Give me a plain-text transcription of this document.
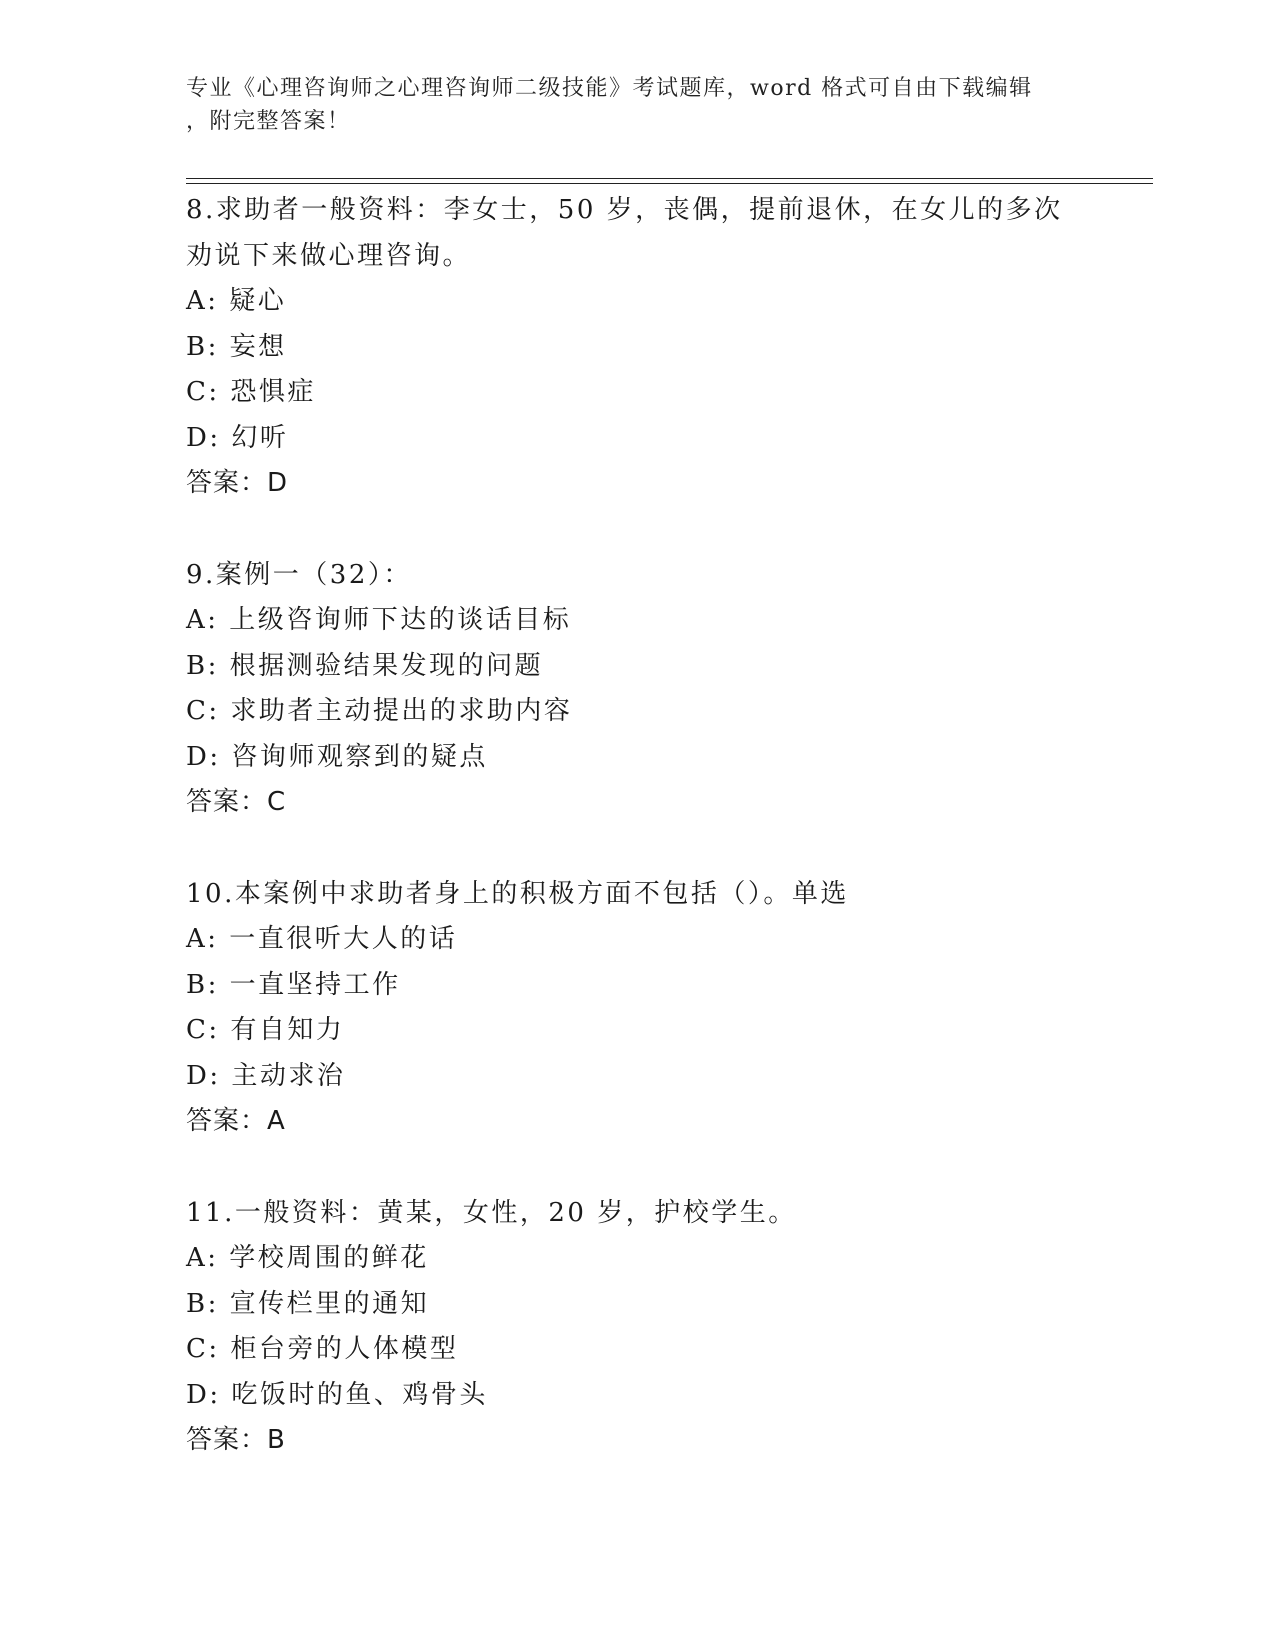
专业《心理咨询师之心理咨询师二级技能》考试题库，word 格式可自由下载编辑
，附完整答案！
8.求助者一般资料：李女士，50 岁，丧偶，提前退休，在女儿的多次
劝说下来做心理咨询。
A: 疑心
B: 妄想
C: 恐惧症
D: 幻听
答案：D
9.案例一（32）：
A: 上级咨询师下达的谈话目标
B: 根据测验结果发现的问题
C: 求助者主动提出的求助内容
D: 咨询师观察到的疑点
答案：C
10.本案例中求助者身上的积极方面不包括（）。单选
A: 一直很听大人的话
B: 一直坚持工作
C: 有自知力
D: 主动求治
答案：A
11.一般资料：黄某，女性，20 岁，护校学生。
A: 学校周围的鲜花
B: 宣传栏里的通知
C: 柜台旁的人体模型
D: 吃饭时的鱼、鸡骨头
答案：B
